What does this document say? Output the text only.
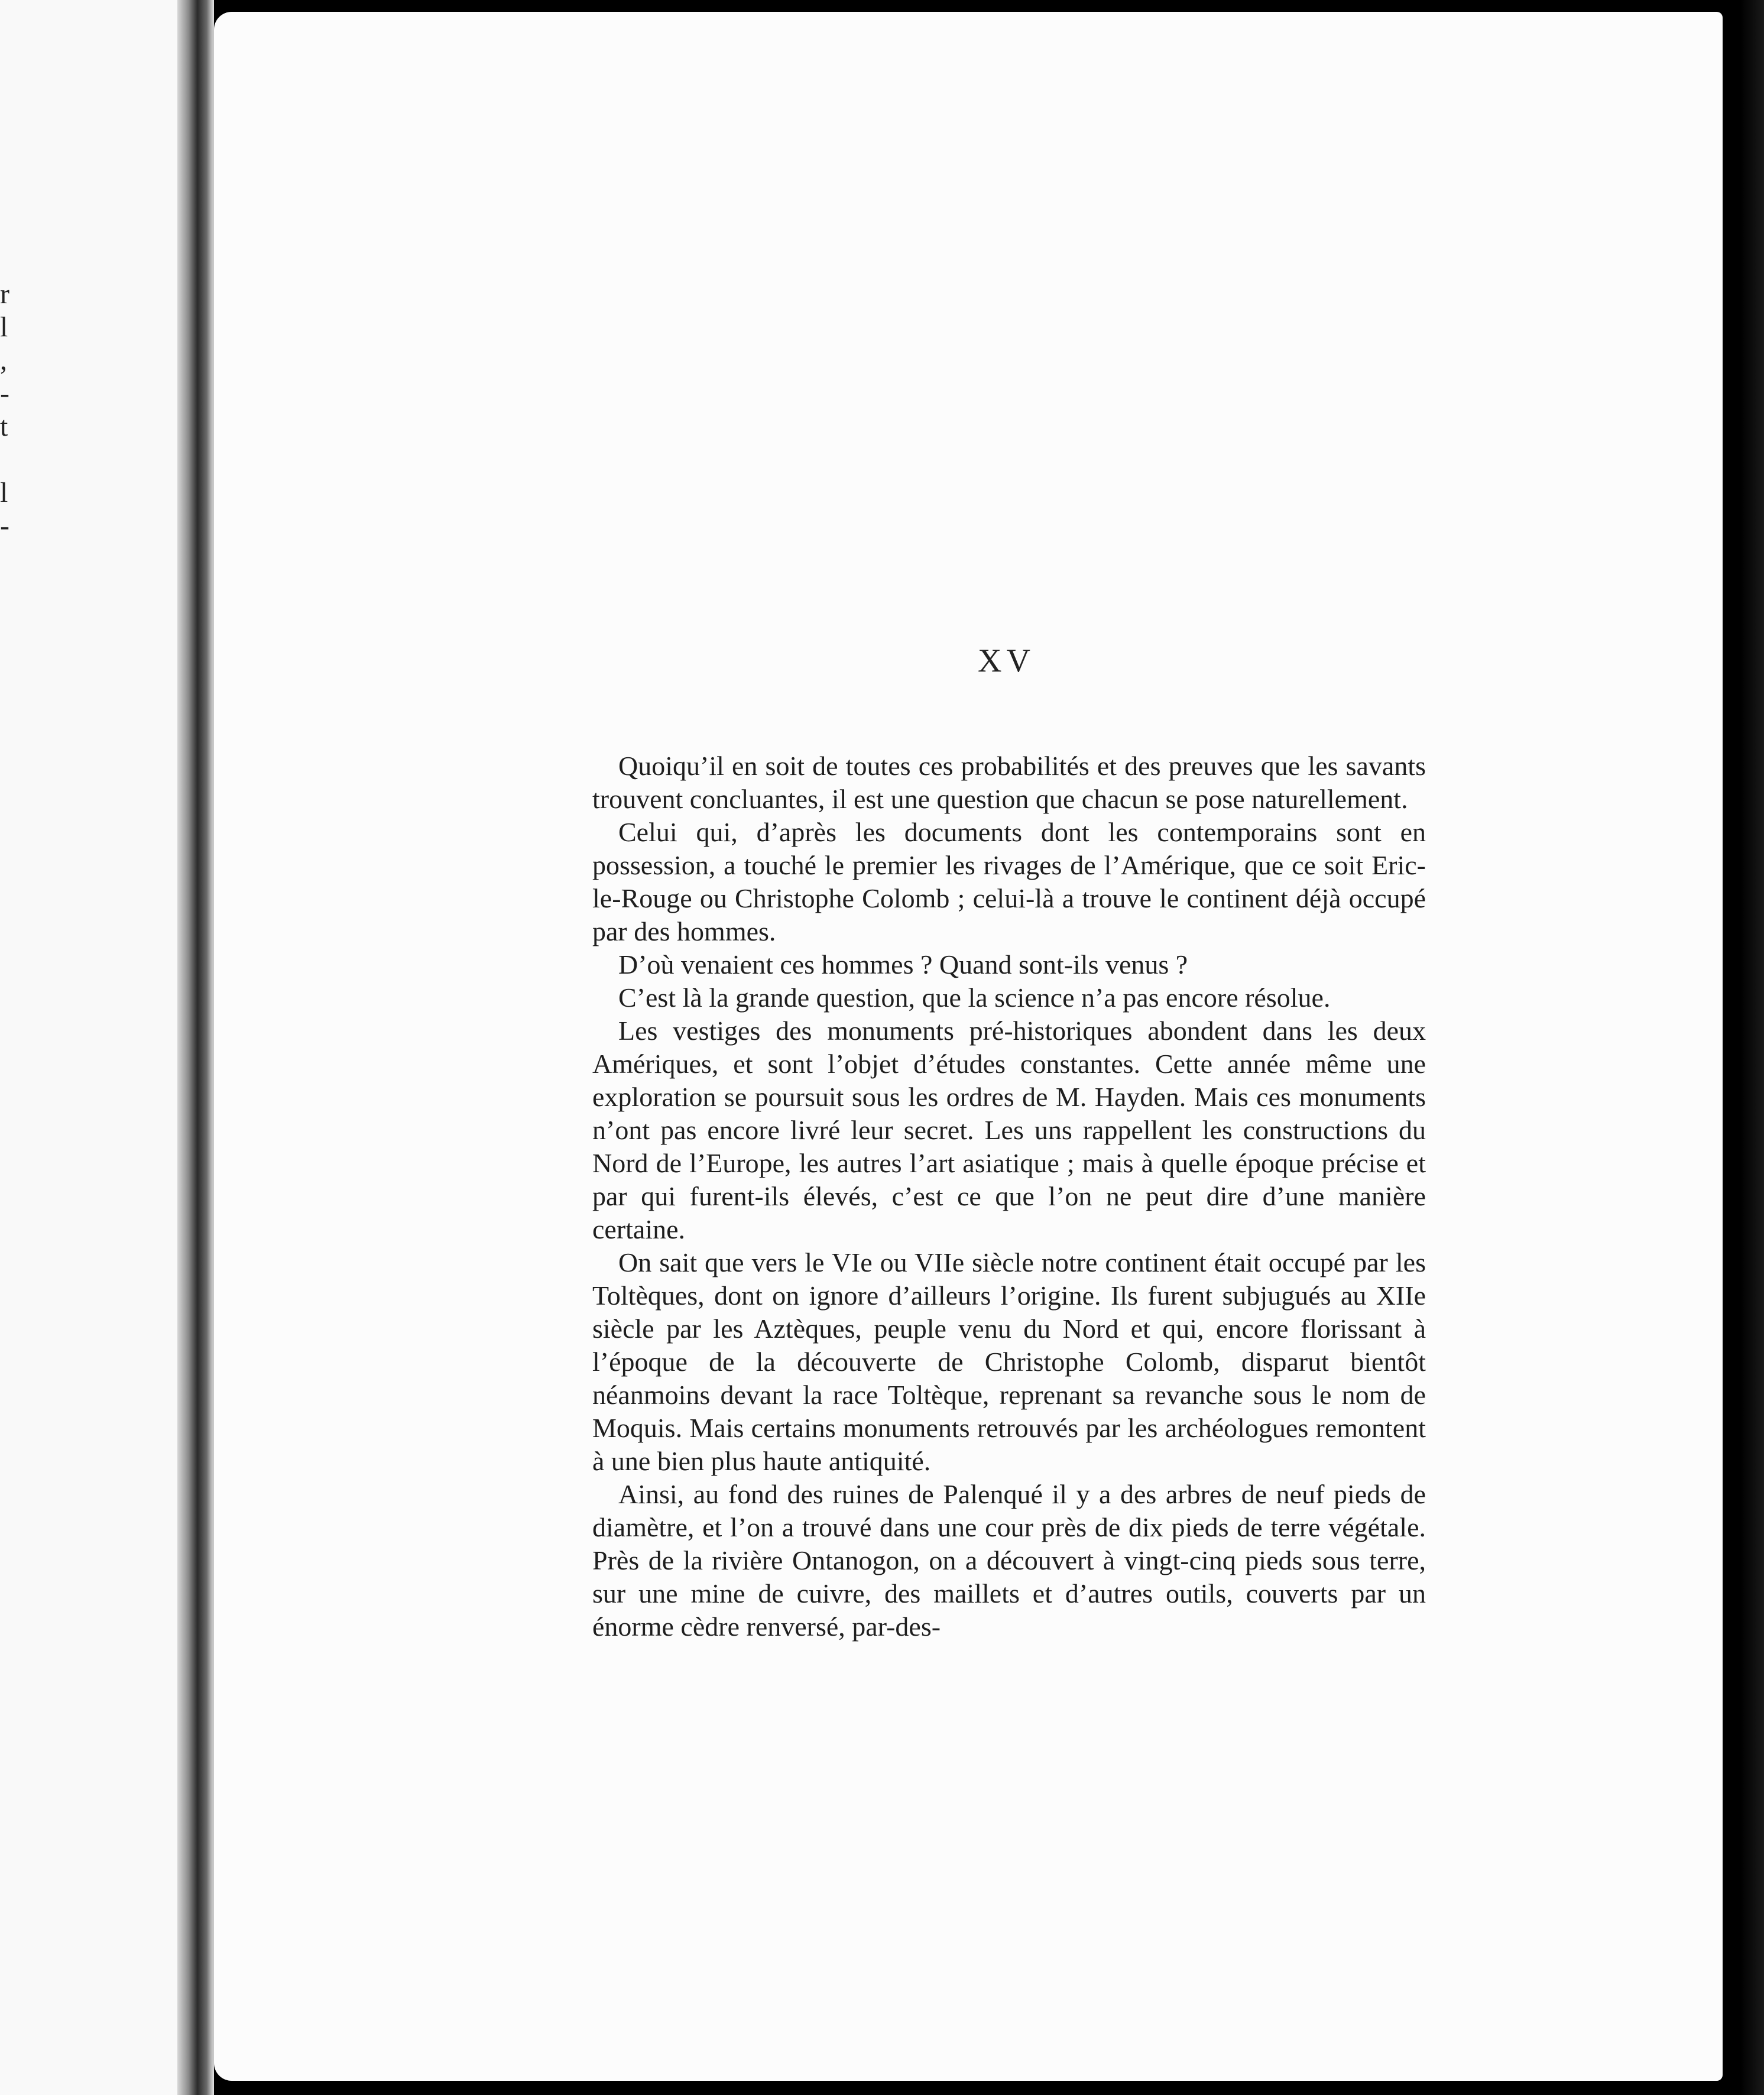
r
l
,
-
t
l
-
XV

Quoiqu’il en soit de toutes ces probabilités et des preuves que les savants trouvent concluantes, il est une question que chacun se pose naturellement.

Celui qui, d’après les documents dont les contemporains sont en possession, a touché le premier les rivages de l’Amérique, que ce soit Eric-le-Rouge ou Christophe Colomb ; celui-là a trouve le continent déjà occupé par des hommes.

D’où venaient ces hommes ? Quand sont-ils venus ?

C’est là la grande question, que la science n’a pas encore résolue.

Les vestiges des monuments pré-historiques abondent dans les deux Amériques, et sont l’objet d’études constantes. Cette année même une exploration se poursuit sous les ordres de M. Hayden. Mais ces monuments n’ont pas encore livré leur secret. Les uns rappellent les constructions du Nord de l’Europe, les autres l’art asiatique ; mais à quelle époque précise et par qui furent-ils élevés, c’est ce que l’on ne peut dire d’une manière certaine.

On sait que vers le VIe ou VIIe siècle notre continent était occupé par les Toltèques, dont on ignore d’ailleurs l’origine. Ils furent subjugués au XIIe siècle par les Aztèques, peuple venu du Nord et qui, encore florissant à l’époque de la découverte de Christophe Colomb, disparut bientôt néanmoins devant la race Toltèque, reprenant sa revanche sous le nom de Moquis. Mais certains monuments retrouvés par les archéologues remontent à une bien plus haute antiquité.

Ainsi, au fond des ruines de Palenqué il y a des arbres de neuf pieds de diamètre, et l’on a trouvé dans une cour près de dix pieds de terre végétale. Près de la rivière Ontanogon, on a découvert à vingt-cinq pieds sous terre, sur une mine de cuivre, des maillets et d’autres outils, couverts par un énorme cèdre renversé, par-des-
